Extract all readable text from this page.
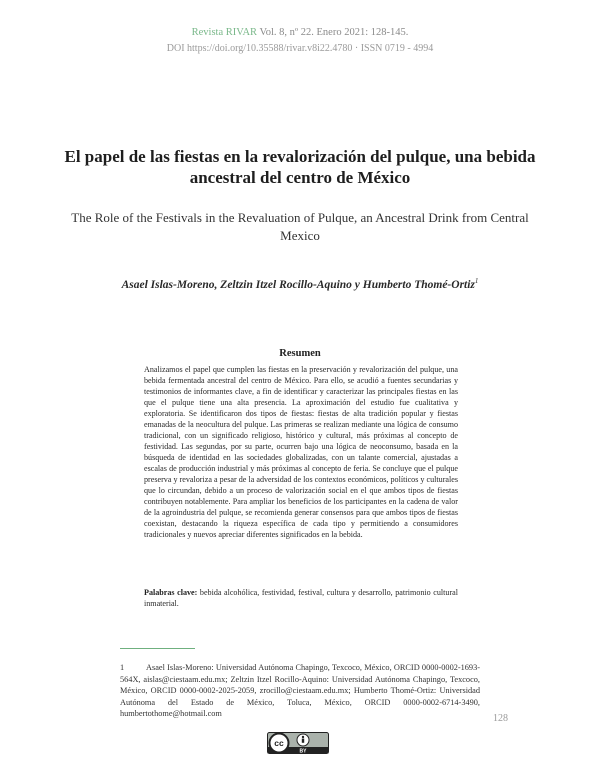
Revista RIVAR Vol. 8, nº 22. Enero 2021: 128-145.
DOI https://doi.org/10.35588/rivar.v8i22.4780 · ISSN 0719 - 4994
El papel de las fiestas en la revalorización del pulque, una bebida ancestral del centro de México
The Role of the Festivals in the Revaluation of Pulque, an Ancestral Drink from Central Mexico
Asael Islas-Moreno, Zeltzin Itzel Rocillo-Aquino y Humberto Thomé-Ortiz$^1$
Resumen

Analizamos el papel que cumplen las fiestas en la preservación y revalorización del pulque, una bebida fermentada ancestral del centro de México. Para ello, se acudió a fuentes secundarias y testimonios de informantes clave, a fin de identificar y caracterizar las principales fiestas en las que el pulque tiene una alta presencia. La aproximación del estudio fue cualitativa y exploratoria. Se identificaron dos tipos de fiestas: fiestas de alta tradición popular y fiestas emanadas de la neocultura del pulque. Las primeras se realizan mediante una lógica de consumo tradicional, con un significado religioso, histórico y cultural, más próximas al concepto de festividad. Las segundas, por su parte, ocurren bajo una lógica de neoconsumo, basada en la búsqueda de identidad en las sociedades globalizadas, con un talante comercial, ajustadas a escalas de producción industrial y más próximas al concepto de feria. Se concluye que el pulque preserva y revaloriza a pesar de la adversidad de los contextos económicos, políticos y culturales que lo circundan, debido a un proceso de valorización social en el que ambos tipos de fiestas contribuyen notablemente. Para ampliar los beneficios de los participantes en la cadena de valor de la agroindustria del pulque, se recomienda generar consensos para que ambos tipos de fiestas coexistan, destacando la riqueza específica de cada tipo y permitiendo a consumidores tradicionales y nuevos apreciar diferentes significados en la bebida.

Palabras clave: bebida alcohólica, festividad, festival, cultura y desarrollo, patrimonio cultural inmaterial.

1	Asael Islas-Moreno: Universidad Autónoma Chapingo, Texcoco, México, ORCID 0000-0002-1693-564X, aislas@ciestaam.edu.mx; Zeltzin Itzel Rocillo-Aquino: Universidad Autónoma Chapingo, Texcoco, México, ORCID 0000-0002-2025-2059, zrocillo@ciestaam.edu.mx; Humberto Thomé-Ortiz: Universidad Autónoma del Estado de México, Toluca, México, ORCID 0000-0002-6714-3490, humbertothome@hotmail.com	128
cc
BY
